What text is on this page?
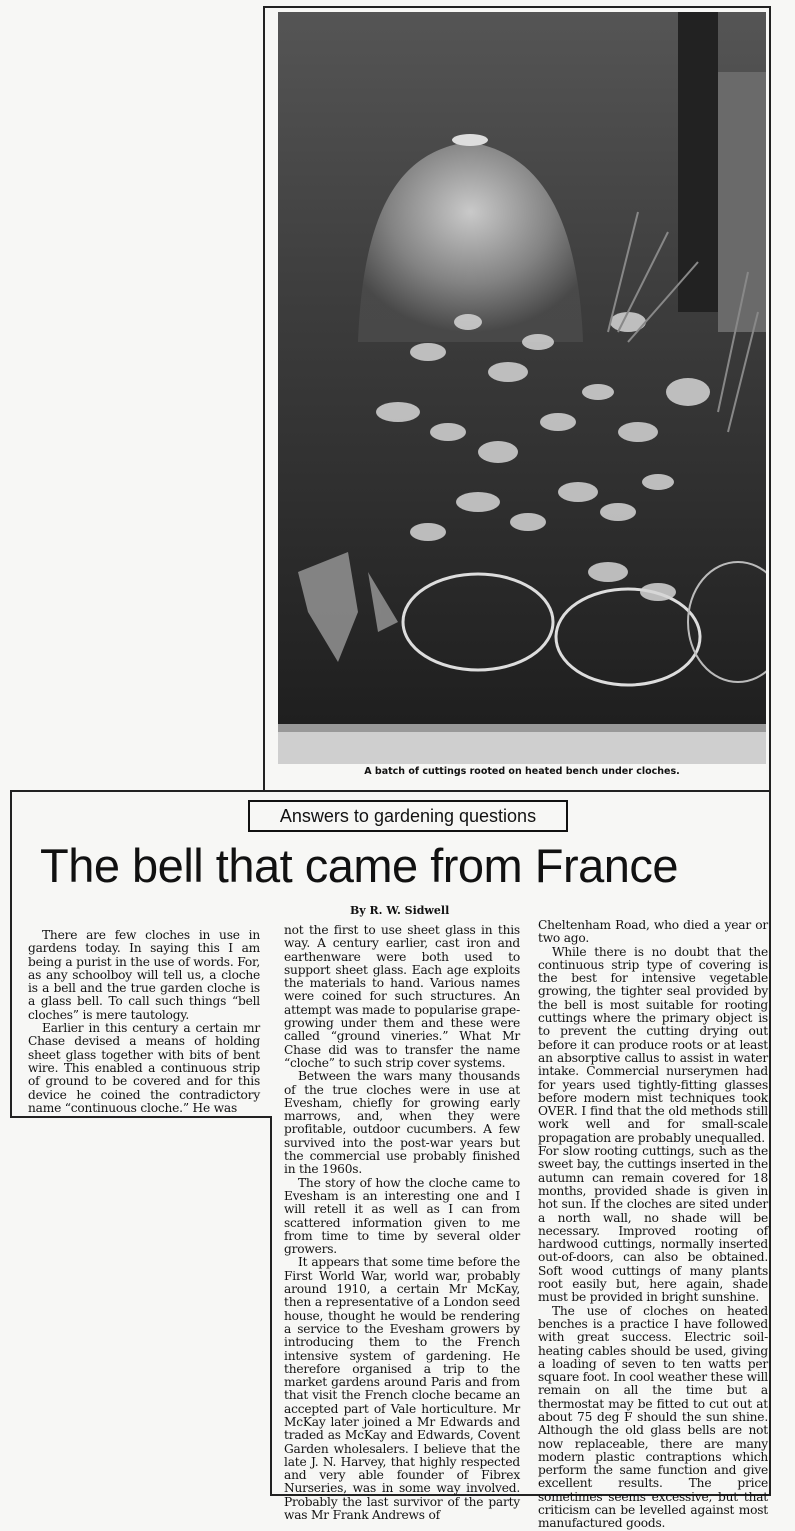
A batch of cuttings rooted on heated bench under cloches.
Answers to gardening questions
The bell that came from France
By R. W. Sidwell

There are few cloches in use in gardens today. In saying this I am being a purist in the use of words. For, as any schoolboy will tell us, a cloche is a bell and the true garden cloche is a glass bell. To call such things “bell cloches” is mere tautology.

Earlier in this century a certain mr Chase devised a means of holding sheet glass together with bits of bent wire. This enabled a continuous strip of ground to be covered and for this device he coined the contradictory name “continuous cloche.” He was

not the first to use sheet glass in this way. A century earlier, cast iron and earthenware were both used to support sheet glass. Each age exploits the materials to hand. Various names were coined for such structures. An attempt was made to popularise grape-growing under them and these were called “ground vineries.” What Mr Chase did was to transfer the name “cloche” to such strip cover systems.

Between the wars many thousands of the true cloches were in use at Evesham, chiefly for growing early marrows, and, when they were profitable, outdoor cucumbers. A few survived into the post-war years but the commercial use probably finished in the 1960s.

The story of how the cloche came to Evesham is an interesting one and I will retell it as well as I can from scattered information given to me from time to time by several older growers.

It appears that some time before the First World War, world war, probably around 1910, a certain Mr McKay, then a representative of a London seed house, thought he would be rendering a service to the Evesham growers by introducing them to the French intensive system of gardening. He therefore organised a trip to the market gardens around Paris and from that visit the French cloche became an accepted part of Vale horticulture. Mr McKay later joined a Mr Edwards and traded as McKay and Edwards, Covent Garden wholesalers. I believe that the late J. N. Harvey, that highly respected and very able founder of Fibrex Nurseries, was in some way involved. Probably the last survivor of the party was Mr Frank Andrews of

Cheltenham Road, who died a year or two ago.

While there is no doubt that the continuous strip type of covering is the best for intensive vegetable growing, the tighter seal provided by the bell is most suitable for rooting cuttings where the primary object is to prevent the cutting drying out before it can produce roots or at least an absorptive callus to assist in water intake. Commercial nurserymen had for years used tightly-fitting glasses before modern mist techniques took OVER. I find that the old methods still work well and for small-scale propagation are probably unequalled.

For slow rooting cuttings, such as the sweet bay, the cuttings inserted in the autumn can remain covered for 18 months, provided shade is given in hot sun. If the cloches are sited under a north wall, no shade will be necessary. Improved rooting of hardwood cuttings, normally inserted out-of-doors, can also be obtained. Soft wood cuttings of many plants root easily but, here again, shade must be provided in bright sunshine.

The use of cloches on heated benches is a practice I have followed with great success. Electric soil-heating cables should be used, giving a loading of seven to ten watts per square foot. In cool weather these will remain on all the time but a thermostat may be fitted to cut out at about 75 deg F should the sun shine. Although the old glass bells are not now replaceable, there are many modern plastic contraptions which perform the same function and give excellent results. The price sometimes seems excessive, but that criticism can be levelled against most manufactured goods.
